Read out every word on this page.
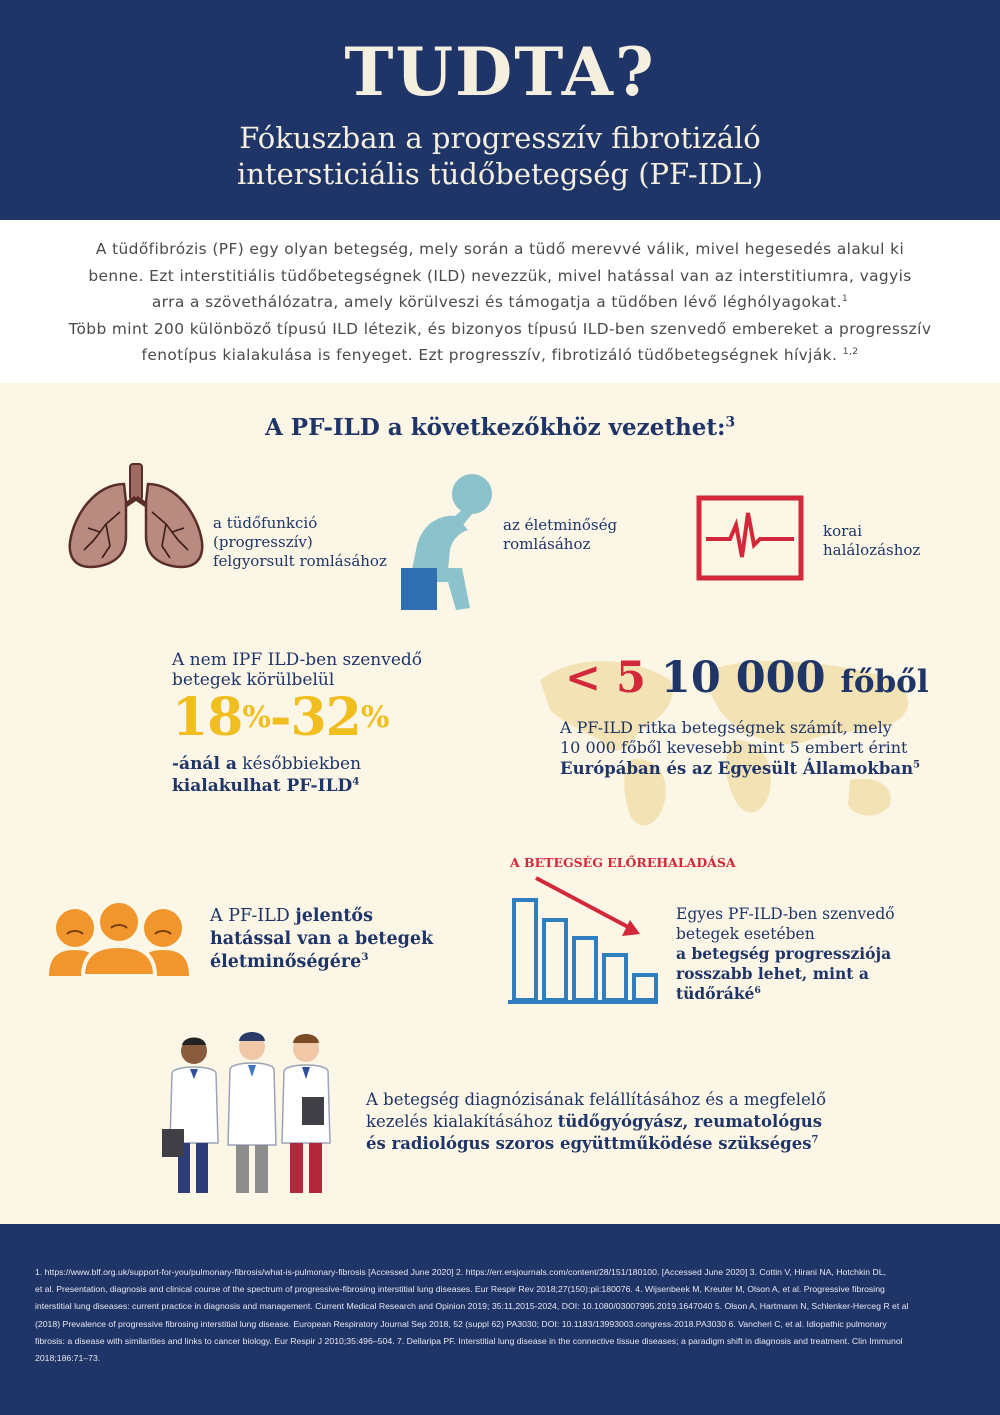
TUDTA?
Fókuszban a progresszív fibrotizáló
intersticiális tüdőbetegség (PF-IDL)

A tüdőfibrózis (PF) egy olyan betegség, mely során a tüdő merevvé válik, mivel hegesedés alakul ki

benne. Ezt interstitiális tüdőbetegségnek (ILD) nevezzük, mivel hatással van az interstitiumra, vagyis

arra a szövethálózatra, amely körülveszi és támogatja a tüdőben lévő léghólyagokat.$^1$

Több mint 200 különböző típusú ILD létezik, és bizonyos típusú ILD-ben szenvedő embereket a progresszív

fenotípus kialakulása is fenyeget. Ezt progresszív, fibrotizáló tüdőbetegségnek hívják. $^{1,2}$

A PF-ILD a következőkhöz vezethet:$^3$
a tüdőfunkció
(progresszív)
felgyorsult romlásához
az életminőség
romlásához
korai
halálozáshoz
A nem IPF ILD-ben szenvedő
betegek körülbelül
18%-32%
-ánál a későbbiekben
kialakulhat $PF-ILD^4$
< 5 10 000 főből
A PF-ILD ritka betegségnek számít, mely
10 000 főből kevesebb mint 5 embert érint
Európában és az Egyesült Államokban$^5$
A PF-ILD jelentős
hatással van a betegek
életminőségére$^3$
A BETEGSÉG ELŐREHALADÁSA
Egyes PF-ILD-ben szenvedő
betegek esetében
a betegség progressziója
rosszabb lehet, mint a
tüdőráké$^6$
A betegség diagnózisának felállításához és a megfelelő
kezelés kialakításához tüdőgyógyász, reumatológus
és radiológus szoros együttműködése szükséges$^7$

1. https://www.blf.org.uk/support-for-you/pulmonary-fibrosis/what-is-pulmonary-fibrosis [Accessed June 2020] 2. https://err.ersjournals.com/content/28/151/180100. [Accessed June 2020] 3. Cottin V, Hirani NA, Hotchkin DL,

et al. Presentation, diagnosis and clinical course of the spectrum of progressive-fibrosing interstitial lung diseases. Eur Respir Rev 2018;27(150):pii:180076. 4. Wijsenbeek M, Kreuter M, Olson A, et al. Progressive fibrosing

interstitial lung diseases: current practice in diagnosis and management. Current Medical Research and Opinion 2019; 35:11,2015-2024, DOI: 10.1080/03007995.2019.1647040 5. Olson A, Hartmann N, Schlenker-Herceg R et al

(2018) Prevalence of progressive fibrosing interstitial lung disease. European Respiratory Journal Sep 2018, 52 (suppl 62) PA3030; DOI: 10.1183/13993003.congress-2018.PA3030 6. Vancheri C, et al. Idiopathic pulmonary

fibrosis: a disease with similarities and links to cancer biology. Eur Respir J 2010;35:496–504. 7. Dellaripa PF. Interstitial lung disease in the connective tissue diseases; a paradigm shift in diagnosis and treatment. Clin Immunol

2018;186:71–73.
